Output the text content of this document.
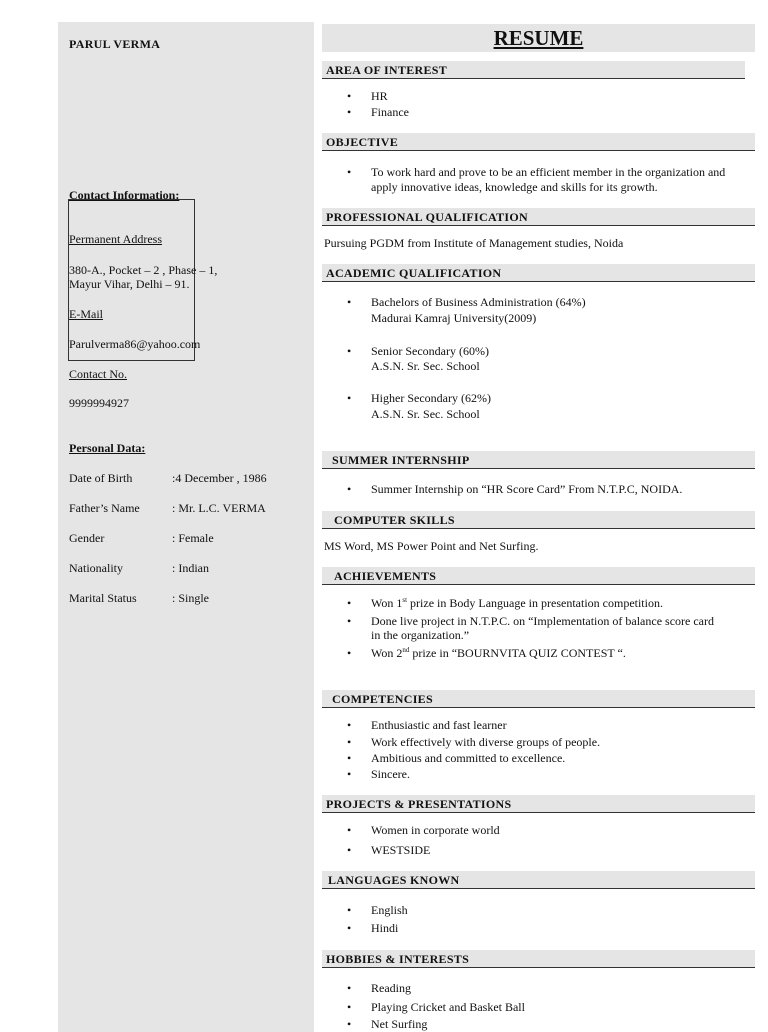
PARUL VERMA
Contact Information:
Permanent Address
380-A., Pocket – 2 , Phase – 1,
Mayur Vihar, Delhi – 91.
E-Mail
Parulverma86@yahoo.com
Contact No.
9999994927
Personal Data:
Date of Birth	:4 December , 1986
Father’s Name	: Mr. L.C. VERMA
Gender	: Female
Nationality	: Indian
Marital Status	: Single
RESUME
AREA OF INTEREST
• HR
• Finance
OBJECTIVE
• To work hard and prove to be an efficient member in the organization and
apply innovative ideas, knowledge and skills for its growth.
PROFESSIONAL QUALIFICATION
Pursuing PGDM from Institute of Management studies, Noida
ACADEMIC QUALIFICATION
• Bachelors of Business Administration (64%)
Madurai Kamraj University(2009)
• Senior Secondary (60%)
A.S.N. Sr. Sec. School
• Higher Secondary (62%)
A.S.N. Sr. Sec. School
SUMMER INTERNSHIP
• Summer Internship on “HR Score Card” From N.T.P.C, NOIDA.
COMPUTER SKILLS
MS Word, MS Power Point and Net Surfing.
ACHIEVEMENTS
• Won 1st prize in Body Language in presentation competition.
• Done live project in N.T.P.C. on “Implementation of balance score card
in the organization.”
• Won 2nd prize in “BOURNVITA QUIZ CONTEST “.
COMPETENCIES
• Enthusiastic and fast learner
• Work effectively with diverse groups of people.
• Ambitious and committed to excellence.
• Sincere.
PROJECTS & PRESENTATIONS
• Women in corporate world
• WESTSIDE
LANGUAGES KNOWN
• English
• Hindi
HOBBIES & INTERESTS
• Reading
• Playing Cricket and Basket Ball
• Net Surfing
